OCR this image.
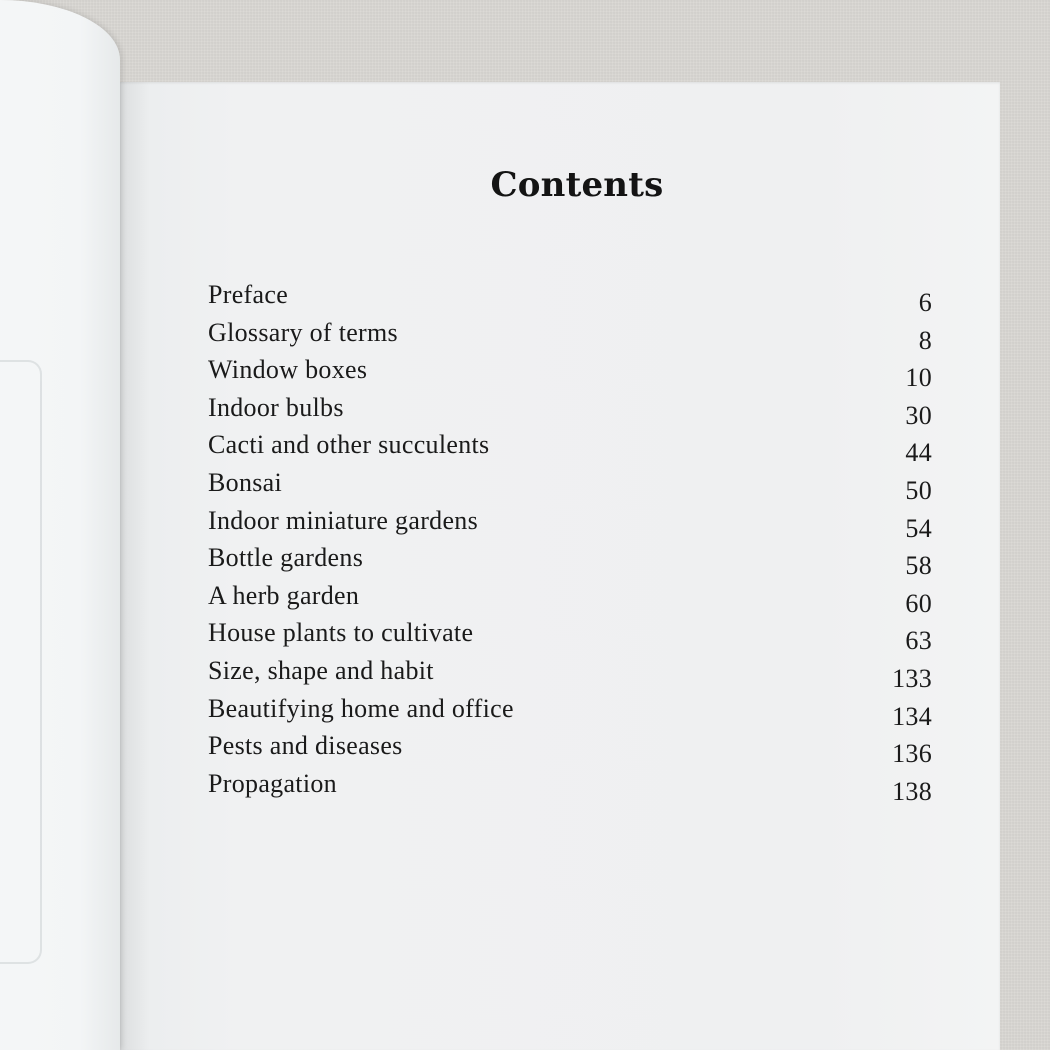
Contents
Preface	6
Glossary of terms	8
Window boxes	10
Indoor bulbs	30
Cacti and other succulents	44
Bonsai	50
Indoor miniature gardens	54
Bottle gardens	58
A herb garden	60
House plants to cultivate	63
Size, shape and habit	133
Beautifying home and office	134
Pests and diseases	136
Propagation	138
